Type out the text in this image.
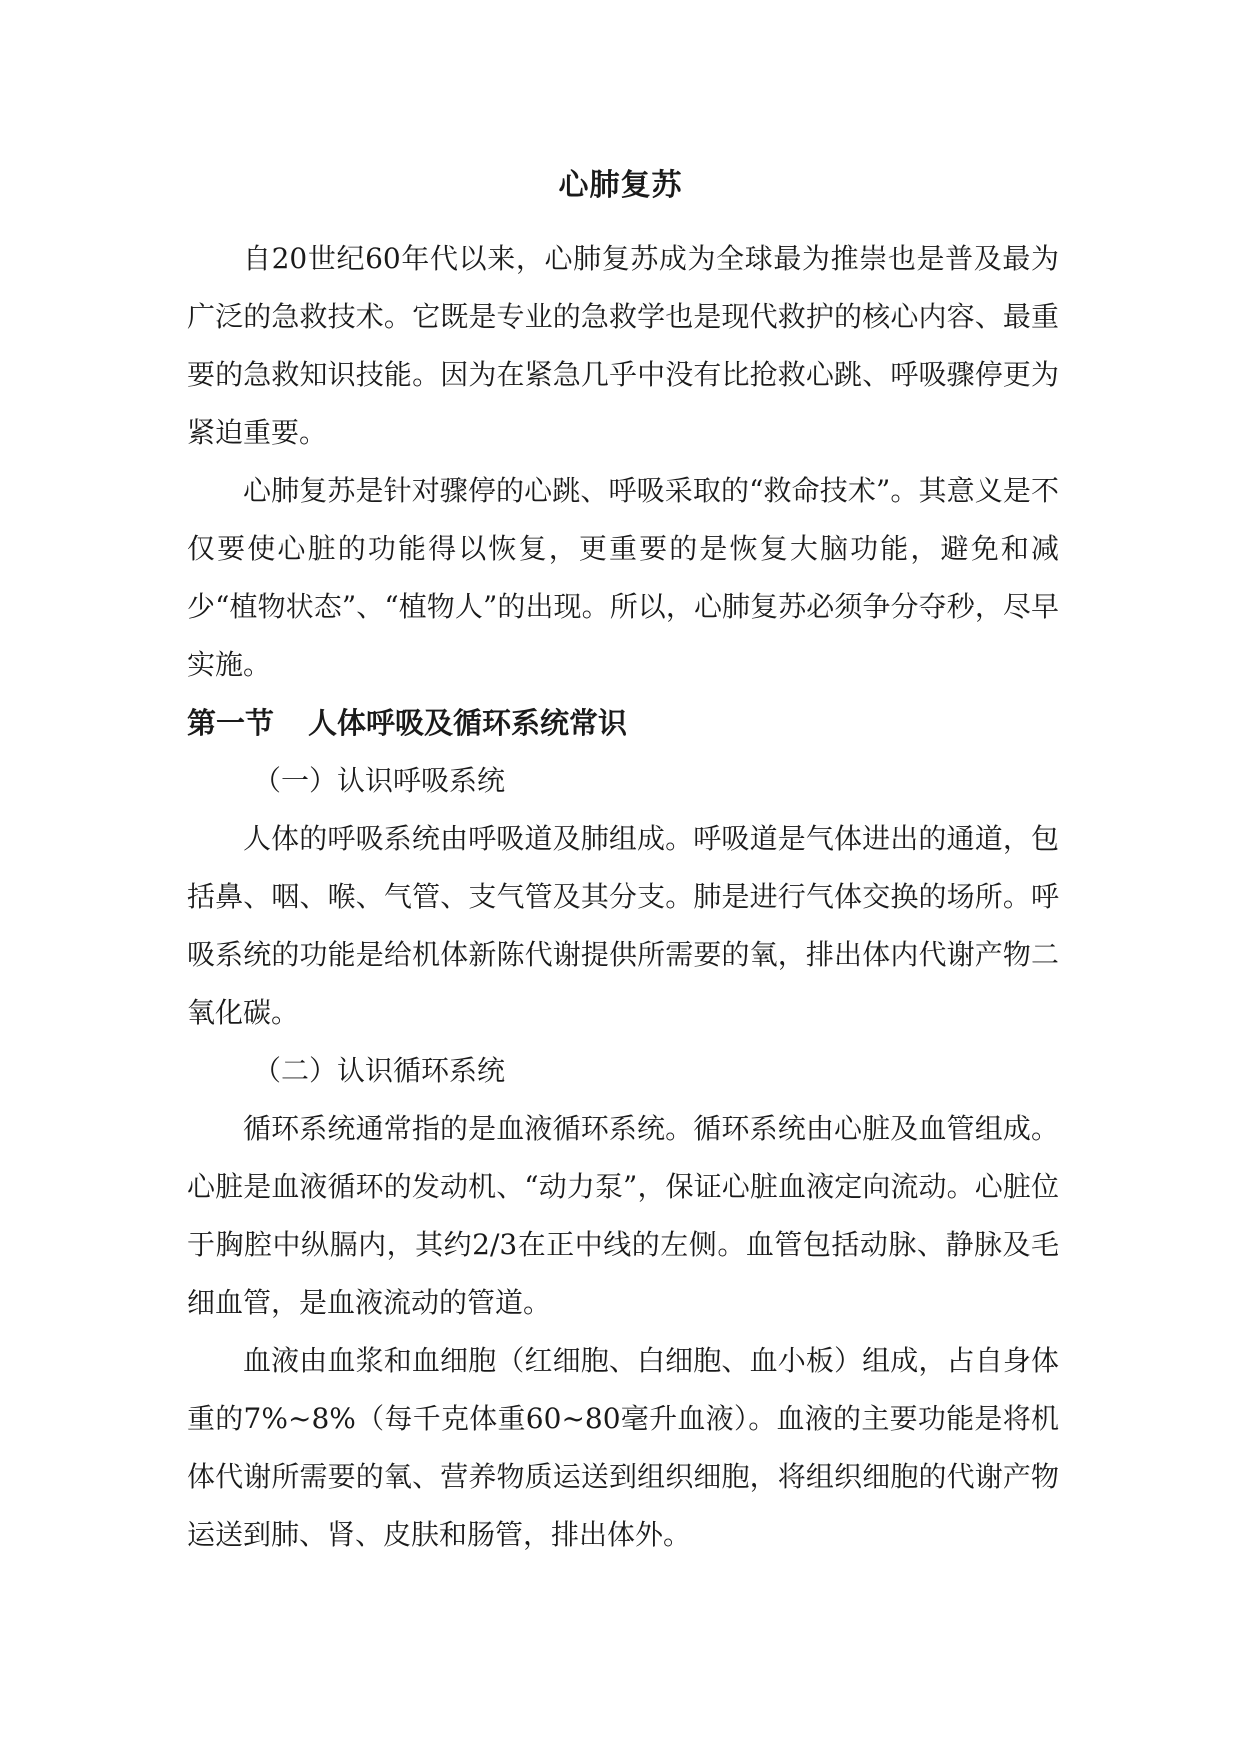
心肺复苏

自20世纪60年代以来，心肺复苏成为全球最为推崇也是普及最为广泛的急救技术。它既是专业的急救学也是现代救护的核心内容、最重要的急救知识技能。因为在紧急几乎中没有比抢救心跳、呼吸骤停更为紧迫重要。

心肺复苏是针对骤停的心跳、呼吸采取的“救命技术”。其意义是不仅要使心脏的功能得以恢复，更重要的是恢复大脑功能，避免和减少“植物状态”、“植物人”的出现。所以，心肺复苏必须争分夺秒，尽早实施。

第一节 人体呼吸及循环系统常识

（一）认识呼吸系统

人体的呼吸系统由呼吸道及肺组成。呼吸道是气体进出的通道，包括鼻、咽、喉、气管、支气管及其分支。肺是进行气体交换的场所。呼吸系统的功能是给机体新陈代谢提供所需要的氧，排出体内代谢产物二氧化碳。

（二）认识循环系统

循环系统通常指的是血液循环系统。循环系统由心脏及血管组成。心脏是血液循环的发动机、“动力泵”，保证心脏血液定向流动。心脏位于胸腔中纵膈内，其约2/3在正中线的左侧。血管包括动脉、静脉及毛细血管，是血液流动的管道。

血液由血浆和血细胞（红细胞、白细胞、血小板）组成，占自身体重的7%~8%（每千克体重60~80毫升血液）。血液的主要功能是将机体代谢所需要的氧、营养物质运送到组织细胞，将组织细胞的代谢产物运送到肺、肾、皮肤和肠管，排出体外。
